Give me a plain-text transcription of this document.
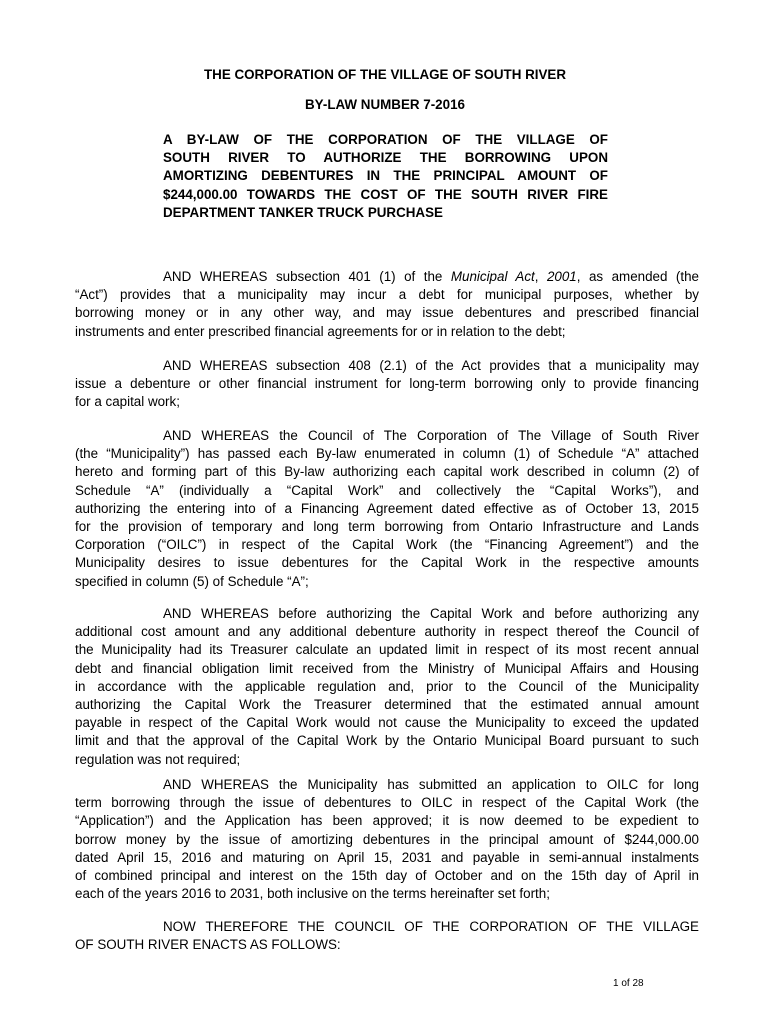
THE CORPORATION OF THE VILLAGE OF SOUTH RIVER
BY-LAW NUMBER 7-2016
A BY-LAW OF THE CORPORATION OF THE VILLAGE OF
SOUTH RIVER TO AUTHORIZE THE BORROWING UPON
AMORTIZING DEBENTURES IN THE PRINCIPAL AMOUNT OF
$244,000.00 TOWARDS THE COST OF THE SOUTH RIVER FIRE
DEPARTMENT TANKER TRUCK PURCHASE
AND WHEREAS subsection 401 (1) of the Municipal Act, 2001, as amended (the
“Act”) provides that a municipality may incur a debt for municipal purposes, whether by
borrowing money or in any other way, and may issue debentures and prescribed financial
instruments and enter prescribed financial agreements for or in relation to the debt;
AND WHEREAS subsection 408 (2.1) of the Act provides that a municipality may
issue a debenture or other financial instrument for long-term borrowing only to provide financing
for a capital work;
AND WHEREAS the Council of The Corporation of The Village of South River
(the “Municipality”) has passed each By-law enumerated in column (1) of Schedule “A” attached
hereto and forming part of this By-law authorizing each capital work described in column (2) of
Schedule “A” (individually a “Capital Work” and collectively the “Capital Works”), and
authorizing the entering into of a Financing Agreement dated effective as of October 13, 2015
for the provision of temporary and long term borrowing from Ontario Infrastructure and Lands
Corporation (“OILC”) in respect of the Capital Work (the “Financing Agreement”) and the
Municipality desires to issue debentures for the Capital Work in the respective amounts
specified in column (5) of Schedule “A”;
AND WHEREAS before authorizing the Capital Work and before authorizing any
additional cost amount and any additional debenture authority in respect thereof the Council of
the Municipality had its Treasurer calculate an updated limit in respect of its most recent annual
debt and financial obligation limit received from the Ministry of Municipal Affairs and Housing
in accordance with the applicable regulation and, prior to the Council of the Municipality
authorizing the Capital Work the Treasurer determined that the estimated annual amount
payable in respect of the Capital Work would not cause the Municipality to exceed the updated
limit and that the approval of the Capital Work by the Ontario Municipal Board pursuant to such
regulation was not required;
AND WHEREAS the Municipality has submitted an application to OILC for long
term borrowing through the issue of debentures to OILC in respect of the Capital Work (the
“Application”) and the Application has been approved; it is now deemed to be expedient to
borrow money by the issue of amortizing debentures in the principal amount of $244,000.00
dated April 15, 2016 and maturing on April 15, 2031 and payable in semi-annual instalments
of combined principal and interest on the 15th day of October and on the 15th day of April in
each of the years 2016 to 2031, both inclusive on the terms hereinafter set forth;
NOW THEREFORE THE COUNCIL OF THE CORPORATION OF THE VILLAGE
OF SOUTH RIVER ENACTS AS FOLLOWS:
1 of 28
